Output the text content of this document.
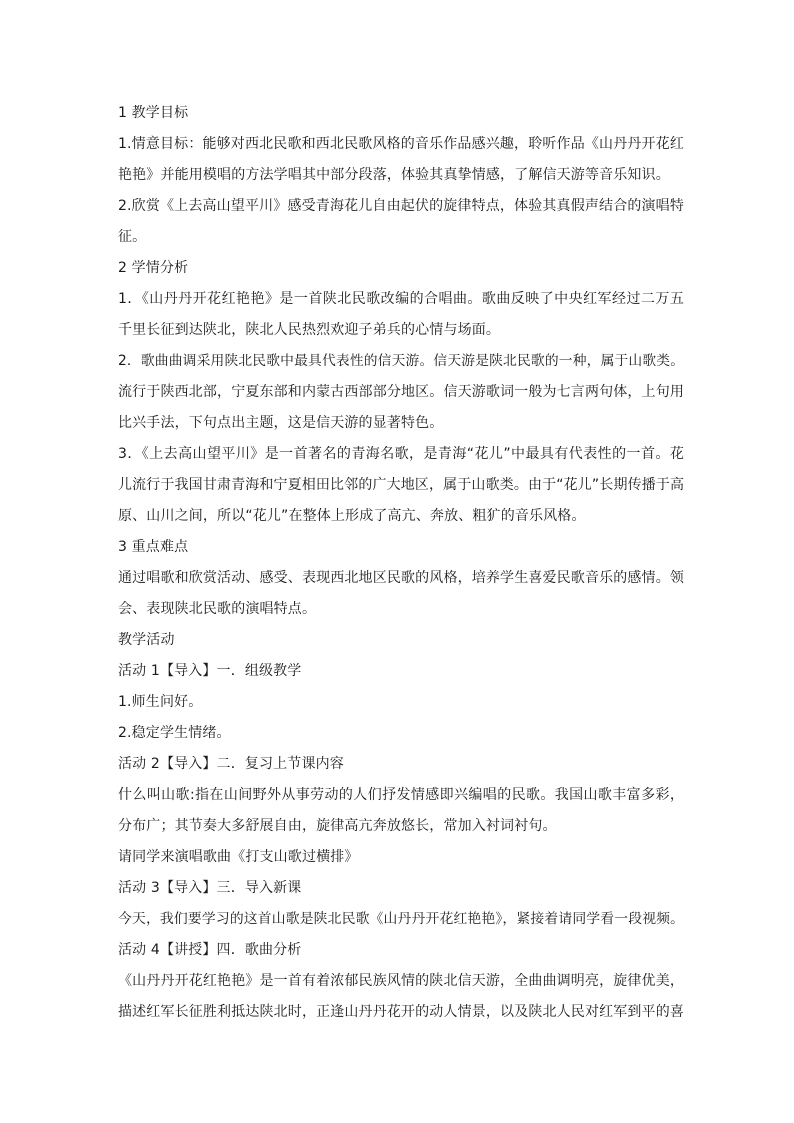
1 教学目标
1.情意目标：能够对西北民歌和西北民歌风格的音乐作品感兴趣，聆听作品《山丹丹开花红
艳艳》并能用模唱的方法学唱其中部分段落，体验其真挚情感，了解信天游等音乐知识。
2.欣赏《上去高山望平川》感受青海花儿自由起伏的旋律特点，体验其真假声结合的演唱特
征。
2 学情分析
1．《山丹丹开花红艳艳》是一首陕北民歌改编的合唱曲。歌曲反映了中央红军经过二万五
千里长征到达陕北，陕北人民热烈欢迎子弟兵的心情与场面。
2．歌曲曲调采用陕北民歌中最具代表性的信天游。信天游是陕北民歌的一种，属于山歌类。
流行于陕西北部，宁夏东部和内蒙古西部部分地区。信天游歌词一般为七言两句体，上句用
比兴手法，下句点出主题，这是信天游的显著特色。
3．《上去高山望平川》是一首著名的青海名歌，是青海“花儿”中最具有代表性的一首。花
儿流行于我国甘肃青海和宁夏相田比邻的广大地区，属于山歌类。由于“花儿”长期传播于高
原、山川之间，所以“花儿”在整体上形成了高亢、奔放、粗犷的音乐风格。
3 重点难点
通过唱歌和欣赏活动、感受、表现西北地区民歌的风格，培养学生喜爱民歌音乐的感情。领
会、表现陕北民歌的演唱特点。
教学活动
活动 1【导入】一．组级教学
1.师生问好。
2.稳定学生情绪。
活动 2【导入】二．复习上节课内容
什么叫山歌:指在山间野外从事劳动的人们抒发情感即兴编唱的民歌。我国山歌丰富多彩，
分布广；其节奏大多舒展自由，旋律高亢奔放悠长，常加入衬词衬句。
请同学来演唱歌曲《打支山歌过横排》
活动 3【导入】三．导入新课
今天，我们要学习的这首山歌是陕北民歌《山丹丹开花红艳艳》，紧接着请同学看一段视频。
活动 4【讲授】四．歌曲分析
《山丹丹开花红艳艳》是一首有着浓郁民族风情的陕北信天游，全曲曲调明亮，旋律优美，
描述红军长征胜利抵达陕北时，正逢山丹丹花开的动人情景，以及陕北人民对红军到平的喜
